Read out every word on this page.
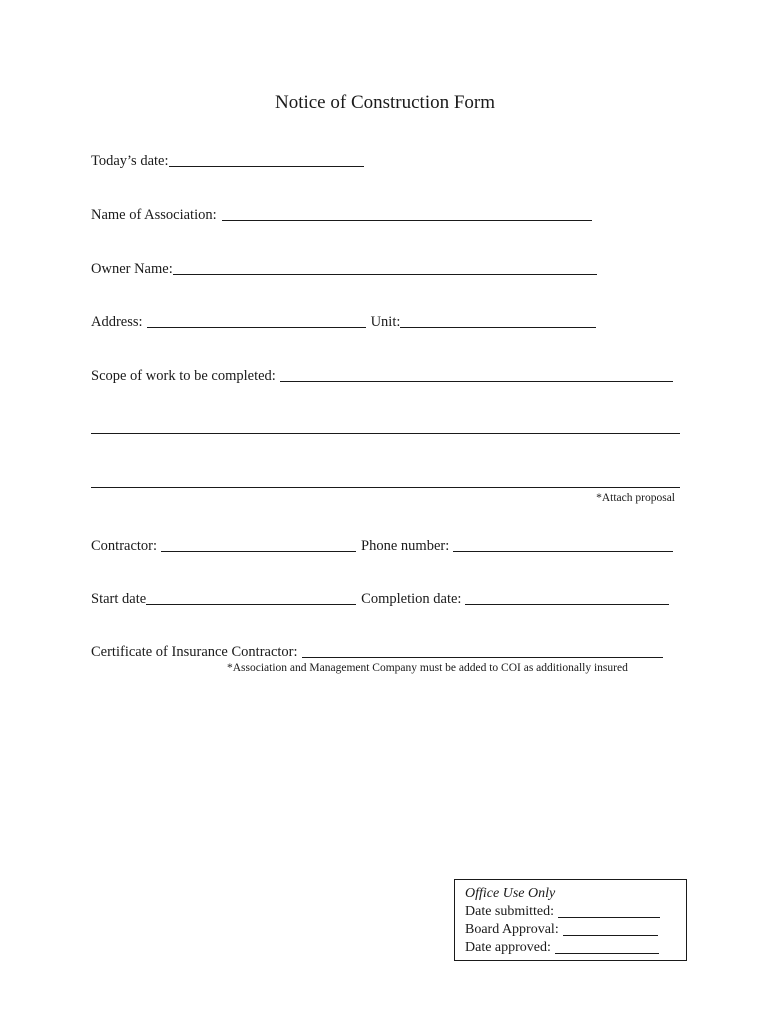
Notice of Construction Form
Today’s date:
Name of Association:
Owner Name:
Address:	Unit:
Scope of work to be completed:
*Attach proposal
Contractor:	Phone number:
Start date	Completion date:
Certificate of Insurance Contractor:
*Association and Management Company must be added to COI as additionally insured
Office Use Only
Date submitted:
Board Approval:
Date approved:
